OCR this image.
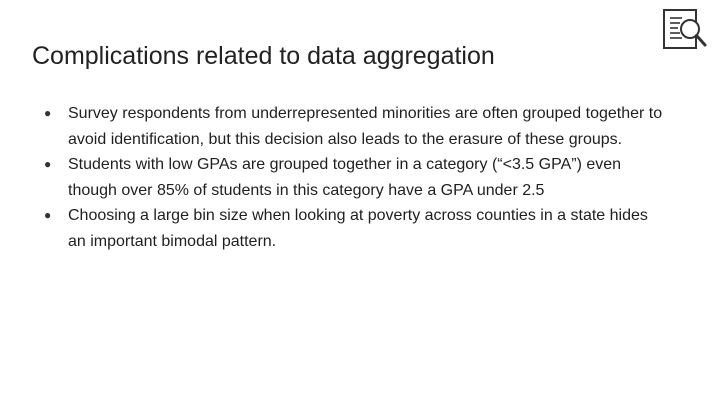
Complications related to data aggregation
● Survey respondents from underrepresented minorities are often grouped together to avoid identification, but this decision also leads to the erasure of these groups.
● Students with low GPAs are grouped together in a category (“<3.5 GPA”) even though over 85% of students in this category have a GPA under 2.5
● Choosing a large bin size when looking at poverty across counties in a state hides an important bimodal pattern.
